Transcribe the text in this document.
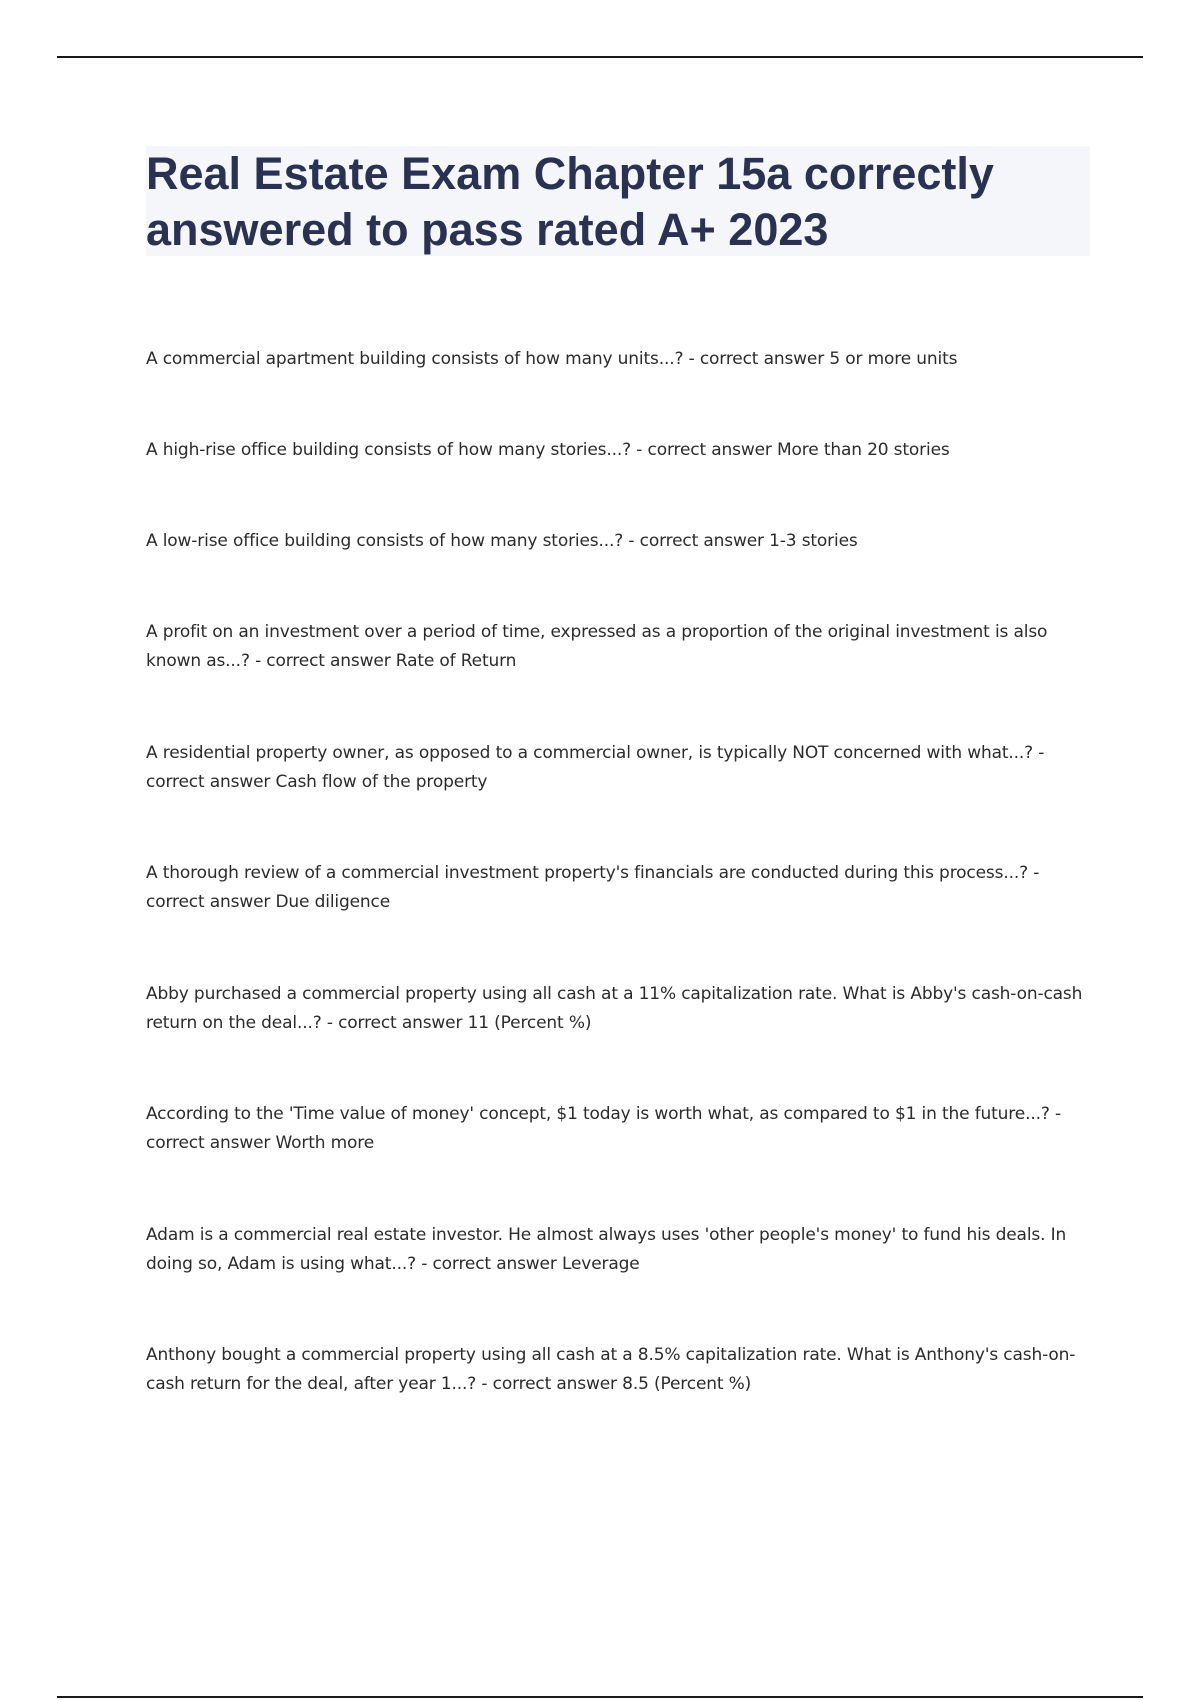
Real Estate Exam Chapter 15a correctly answered to pass rated A+ 2023

A commercial apartment building consists of how many units...? - correct answer 5 or more units

A high-rise office building consists of how many stories...? - correct answer More than 20 stories

A low-rise office building consists of how many stories...? - correct answer 1-3 stories

A profit on an investment over a period of time, expressed as a proportion of the original investment is also known as...? - correct answer Rate of Return

A residential property owner, as opposed to a commercial owner, is typically NOT concerned with what...? - correct answer Cash flow of the property

A thorough review of a commercial investment property's financials are conducted during this process...? - correct answer Due diligence

Abby purchased a commercial property using all cash at a 11% capitalization rate. What is Abby's cash-on-cash return on the deal...? - correct answer 11 (Percent %)

According to the 'Time value of money' concept, $1 today is worth what, as compared to $1 in the future...? - correct answer Worth more

Adam is a commercial real estate investor. He almost always uses 'other people's money' to fund his deals. In doing so, Adam is using what...? - correct answer Leverage

Anthony bought a commercial property using all cash at a 8.5% capitalization rate. What is Anthony's cash-on-cash return for the deal, after year 1...? - correct answer 8.5 (Percent %)
